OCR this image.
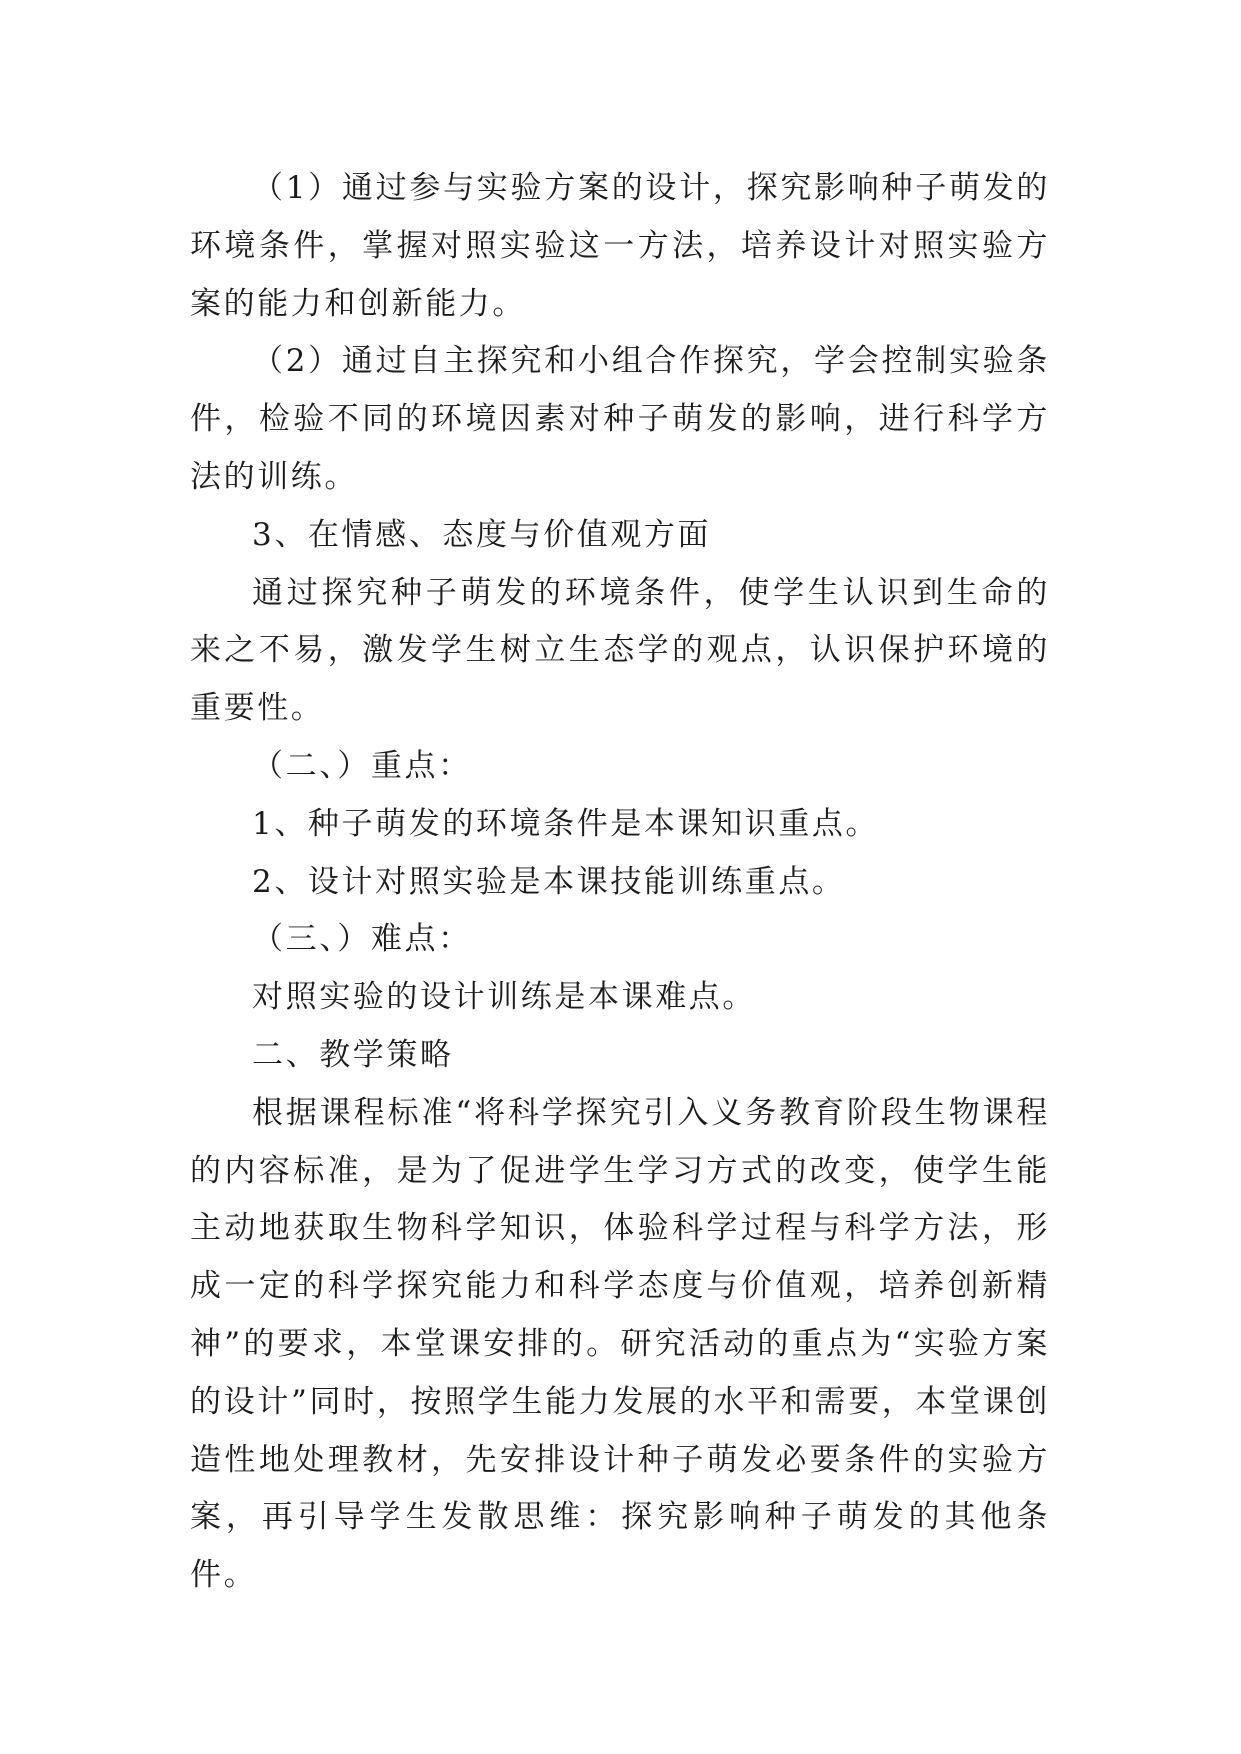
（1）通过参与实验方案的设计，探究影响种子萌发的环境条件，掌握对照实验这一方法，培养设计对照实验方案的能力和创新能力。

（2）通过自主探究和小组合作探究，学会控制实验条件，检验不同的环境因素对种子萌发的影响，进行科学方法的训练。

3、在情感、态度与价值观方面

通过探究种子萌发的环境条件，使学生认识到生命的来之不易，激发学生树立生态学的观点，认识保护环境的重要性。

（二、）重点：

1、种子萌发的环境条件是本课知识重点。

2、设计对照实验是本课技能训练重点。

（三、）难点：

对照实验的设计训练是本课难点。

二、教学策略

根据课程标准“将科学探究引入义务教育阶段生物课程的内容标准，是为了促进学生学习方式的改变，使学生能主动地获取生物科学知识，体验科学过程与科学方法，形成一定的科学探究能力和科学态度与价值观，培养创新精神”的要求，本堂课安排的。研究活动的重点为“实验方案的设计”同时，按照学生能力发展的水平和需要，本堂课创造性地处理教材，先安排设计种子萌发必要条件的实验方案，再引导学生发散思维：探究影响种子萌发的其他条件。
